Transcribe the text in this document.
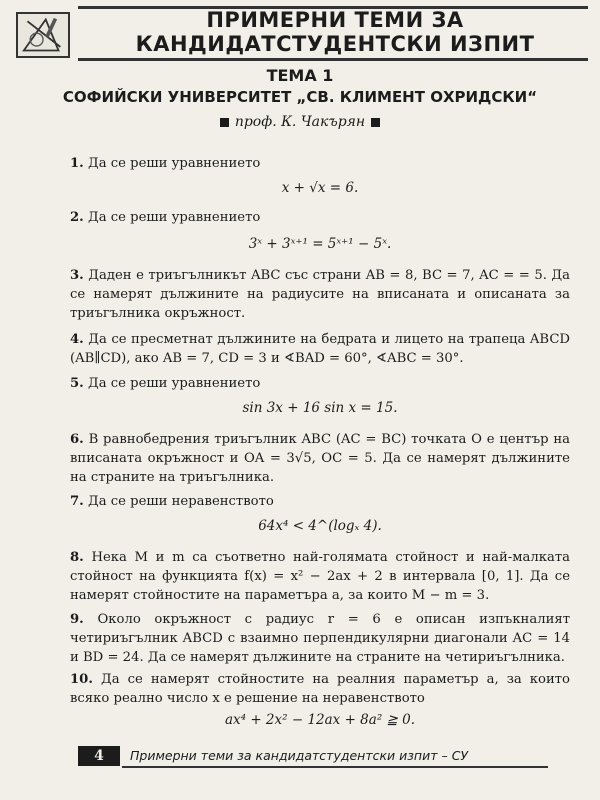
ПРИМЕРНИ ТЕМИ ЗА
КАНДИДАТСТУДЕНТСКИ ИЗПИТ
ТЕМА 1
СОФИЙСКИ УНИВЕРСИТЕТ „СВ. КЛИМЕНТ ОХРИДСКИ“
проф. К. Чакърян
1. Да се реши уравнението
x + √x = 6.
2. Да се реши уравнението
3ˣ + 3ˣ⁺¹ = 5ˣ⁺¹ − 5ˣ.
3. Даден е триъгълникът ABC със страни AB = 8, BC = 7, AC = = 5. Да се намерят дължините на радиусите на вписаната и описаната за триъгълника окръжност.
4. Да се пресметнат дължините на бедрата и лицето на трапеца ABCD (AB∥CD), ако AB = 7, CD = 3 и ∢BAD = 60°, ∢ABC = 30°.
5. Да се реши уравнението
sin 3x + 16 sin x = 15.
6. В равнобедрения триъгълник ABC (AC = BC) точката O е център на вписаната окръжност и OA = 3√5, OC = 5. Да се намерят дължините на страните на триъгълника.
7. Да се реши неравенството
64x⁴ < 4^(logₓ 4).
8. Нека M и m са съответно най-голямата стойност и най-малката стойност на функцията f(x) = x² − 2ax + 2 в интервала [0, 1]. Да се намерят стойностите на параметъра a, за които M − m = 3.
9. Около окръжност с радиус r = 6 е описан изпъкналият четириъгълник ABCD с взаимно перпендикулярни диагонали AC = 14 и BD = 24. Да се намерят дължините на страните на четириъгълника.
10. Да се намерят стойностите на реалния параметър a, за които всяко реално число x е решение на неравенството
ax⁴ + 2x² − 12ax + 8a² ≧ 0.
4	Примерни теми за кандидатстудентски изпит – СУ
